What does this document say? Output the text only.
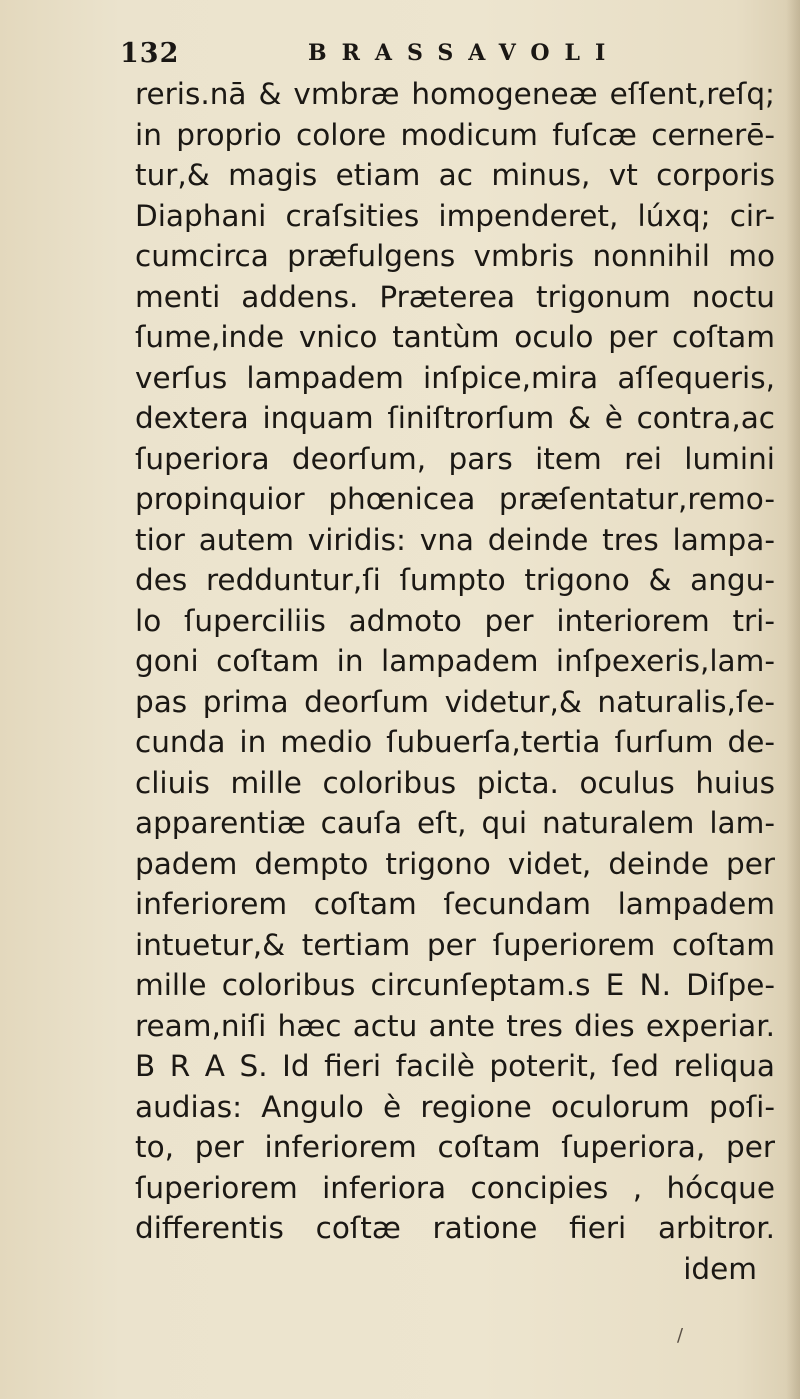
132	BRASSAVOLI
reris.nā & vmbræ homogeneæ eſſent,reſq;
in proprio colore modicum fuſcæ cernerē-
tur,& magis etiam ac minus, vt corporis
Diaphani craſsities impenderet, lúxq; cir-
cumcirca præfulgens vmbris nonnihil mo
menti addens. Præterea trigonum noctu
ſume,inde vnico tantùm oculo per coſtam
verſus lampadem inſpice,mira aſſequeris,
dextera inquam ſiniſtrorſum & è contra,ac
ſuperiora deorſum, pars item rei lumini
propinquior phœnicea præſentatur,remo-
tior autem viridis: vna deinde tres lampa-
des redduntur,ſi ſumpto trigono & angu-
lo ſuperciliis admoto per interiorem tri-
goni coſtam in lampadem inſpexeris,lam-
pas prima deorſum videtur,& naturalis,ſe-
cunda in medio ſubuerſa,tertia ſurſum de-
cliuis mille coloribus picta. oculus huius
apparentiæ cauſa eſt, qui naturalem lam-
padem dempto trigono videt, deinde per
inferiorem coſtam ſecundam lampadem
intuetur,& tertiam per ſuperiorem coſtam
mille coloribus circunſeptam.s E N. Diſpe-
ream,niſi hæc actu ante tres dies experiar.
B R A S. Id fieri facilè poterit, ſed reliqua
audias: Angulo è regione oculorum poſi-
to, per inferiorem coſtam ſuperiora, per
ſuperiorem inferiora concipies , hócque
differentis coſtæ ratione fieri arbitror.
idem
/
